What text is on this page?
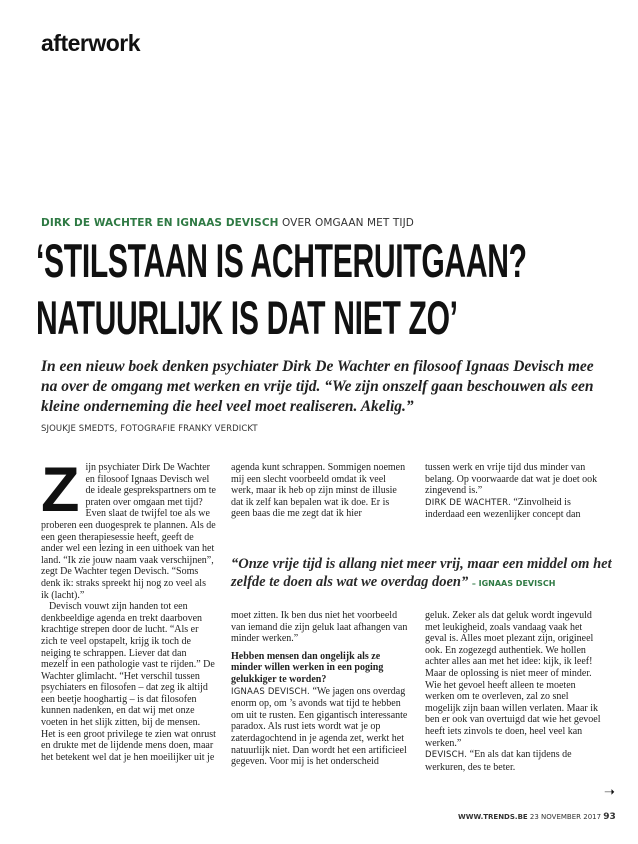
afterwork
DIRK DE WACHTER EN IGNAAS DEVISCH OVER OMGAAN MET TIJD
‘STILSTAAN IS ACHTERUITGAAN?
NATUURLIJK IS DAT NIET ZO’
In een nieuw boek denken psychiater Dirk De Wachter en filosoof Ignaas Devisch mee na over de omgang met werken en vrije tijd. “We zijn onszelf gaan beschouwen als een kleine onderneming die heel veel moet realiseren. Akelig.”
SJOUKJE SMEDTS, FOTOGRAFIE FRANKY VERDICKT

Zijn psychiater Dirk De Wachter en filosoof Ignaas Devisch wel de ideale gesprekspartners om te praten over omgaan met tijd? Even slaat de twijfel toe als we proberen een duogesprek te plannen. Als de een geen therapiesessie heeft, geeft de ander wel een lezing in een uithoek van het land. “Ik zie jouw naam vaak verschijnen”, zegt De Wachter tegen Devisch. “Soms denk ik: straks spreekt hij nog zo veel als ik (lacht).”

Devisch vouwt zijn handen tot een denkbeeldige agenda en trekt daarboven krachtige strepen door de lucht. “Als er zich te veel opstapelt, krijg ik toch de neiging te schrappen. Liever dat dan mezelf in een pathologie vast te rijden.” De Wachter glimlacht. “Het verschil tussen psychiaters en filosofen – dat zeg ik altijd een beetje hooghartig – is dat filosofen kunnen nadenken, en dat wij met onze voeten in het slijk zitten, bij de mensen. Het is een groot privilege te zien wat onrust en drukte met de lijdende mens doen, maar het betekent wel dat je hen moeilijker uit je

agenda kunt schrappen. Sommigen noemen mij een slecht voorbeeld omdat ik veel werk, maar ik heb op zijn minst de illusie dat ik zelf kan bepalen wat ik doe. Er is geen baas die me zegt dat ik hier

tussen werk en vrije tijd dus minder van belang. Op voorwaarde dat wat je doet ook zingevend is.”

DIRK DE WACHTER. “Zinvolheid is inderdaad een wezenlijker concept dan

“Onze vrije tijd is allang niet meer vrij, maar een middel om het zelfde te doen als wat we overdag doen” – IGNAAS DEVISCH

moet zitten. Ik ben dus niet het voorbeeld van iemand die zijn geluk laat afhangen van minder werken.”

Hebben mensen dan ongelijk als ze minder willen werken in een poging gelukkiger te worden?

IGNAAS DEVISCH. “We jagen ons overdag enorm op, om ’s avonds wat tijd te hebben om uit te rusten. Een gigantisch interessante paradox. Als rust iets wordt wat je op zaterdagochtend in je agenda zet, werkt het natuurlijk niet. Dan wordt het een artificieel gegeven. Voor mij is het onderscheid

geluk. Zeker als dat geluk wordt ingevuld met leukigheid, zoals vandaag vaak het geval is. Alles moet plezant zijn, origineel ook. En zogezegd authentiek. We hollen achter alles aan met het idee: kijk, ik leef! Maar de oplossing is niet meer of minder. Wie het gevoel heeft alleen te moeten werken om te overleven, zal zo snel mogelijk zijn baan willen verlaten. Maar ik ben er ook van overtuigd dat wie het gevoel heeft iets zinvols te doen, heel veel kan werken.”

DEVISCH. “En als dat kan tijdens de werkuren, des te beter.

➝
WWW.TRENDS.BE 23 NOVEMBER 2017 93
